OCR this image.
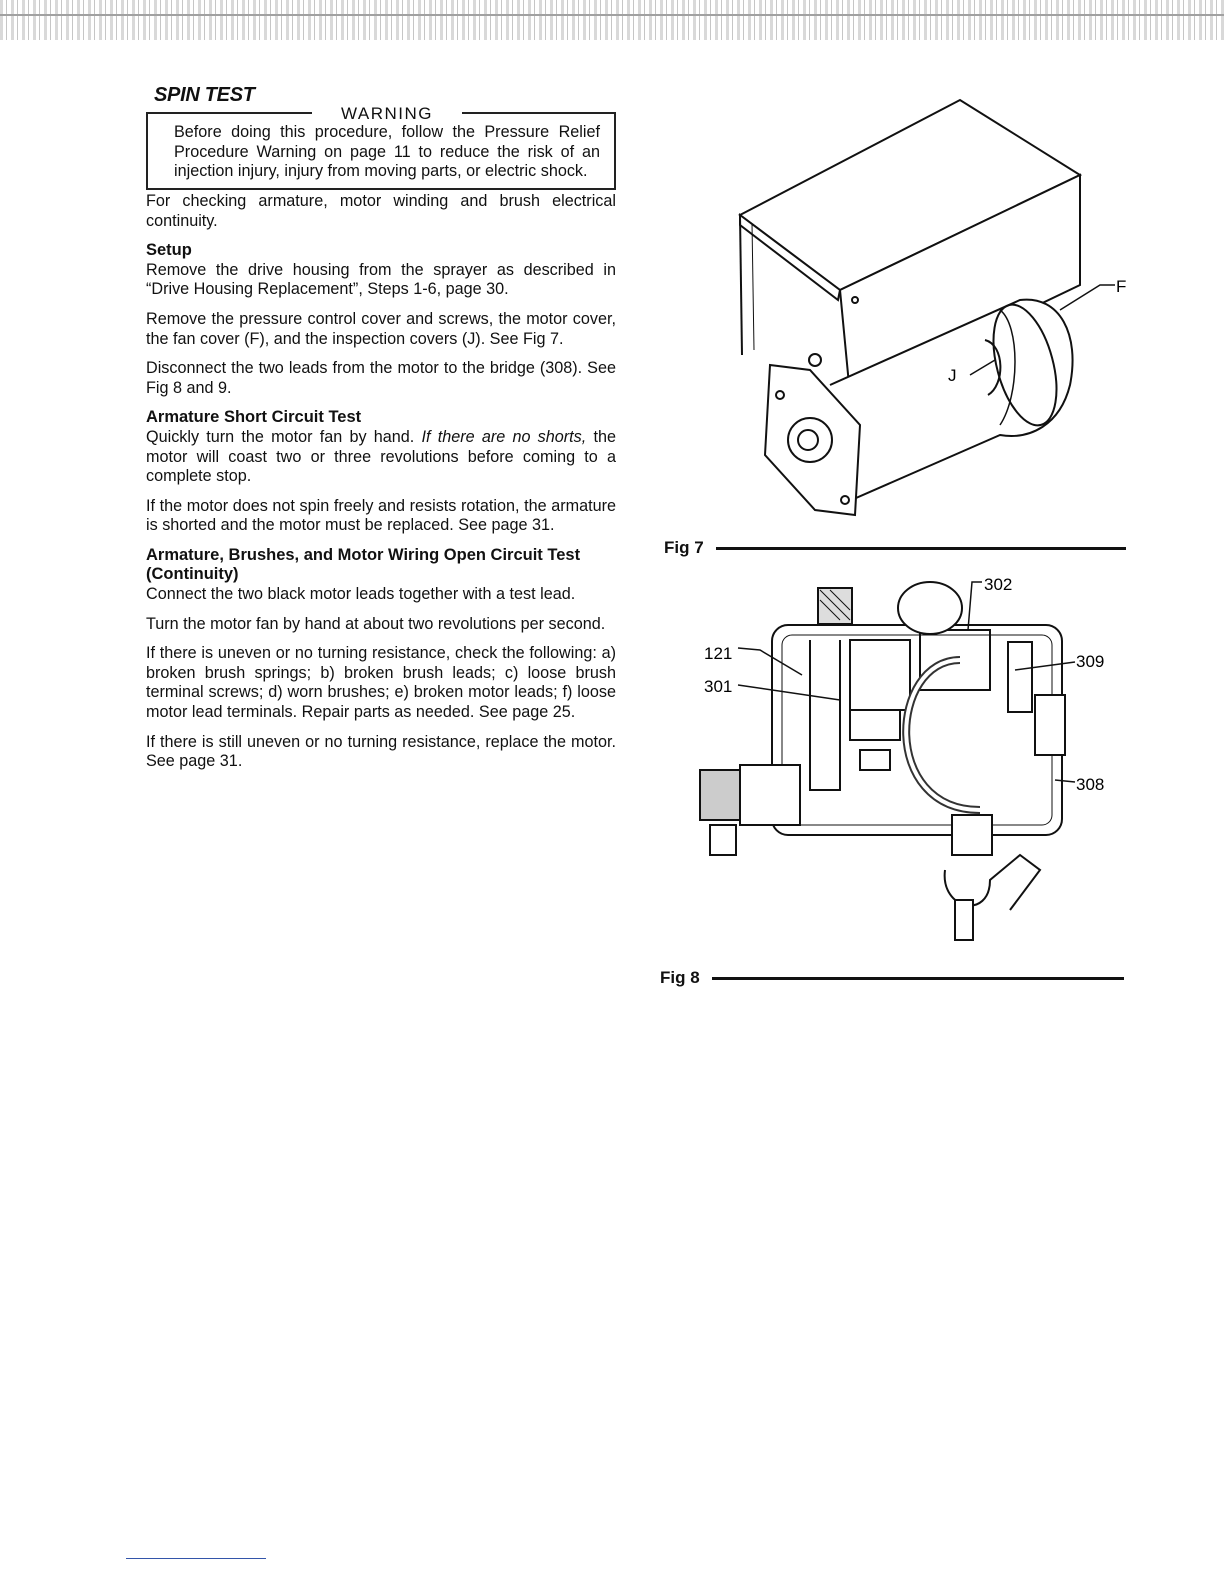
SPIN TEST
WARNING

Before doing this procedure, follow the Pressure Relief Procedure Warning on page 11 to reduce the risk of an injection injury, injury from moving parts, or electric shock.

For checking armature, motor winding and brush electrical continuity.

Setup

Remove the drive housing from the sprayer as described in “Drive Housing Replacement”, Steps 1-6, page 30.

Remove the pressure control cover and screws, the motor cover, the fan cover (F), and the inspection covers (J). See Fig 7.

Disconnect the two leads from the motor to the bridge (308). See Fig 8 and 9.

Armature Short Circuit Test

Quickly turn the motor fan by hand. If there are no shorts, the motor will coast two or three revolutions before coming to a complete stop.

If the motor does not spin freely and resists rotation, the armature is shorted and the motor must be replaced. See page 31.

Armature, Brushes, and Motor Wiring Open Circuit Test (Continuity)

Connect the two black motor leads together with a test lead.

Turn the motor fan by hand at about two revolutions per second.

If there is uneven or no turning resistance, check the following: a) broken brush springs; b) broken brush leads; c) loose brush terminal screws; d) worn brushes; e) broken motor leads; f) loose motor lead terminals. Repair parts as needed. See page 25.

If there is still uneven or no turning resistance, replace the motor. See page 31.

F
J
Fig 7
302
121
301
309
308
Fig 8
